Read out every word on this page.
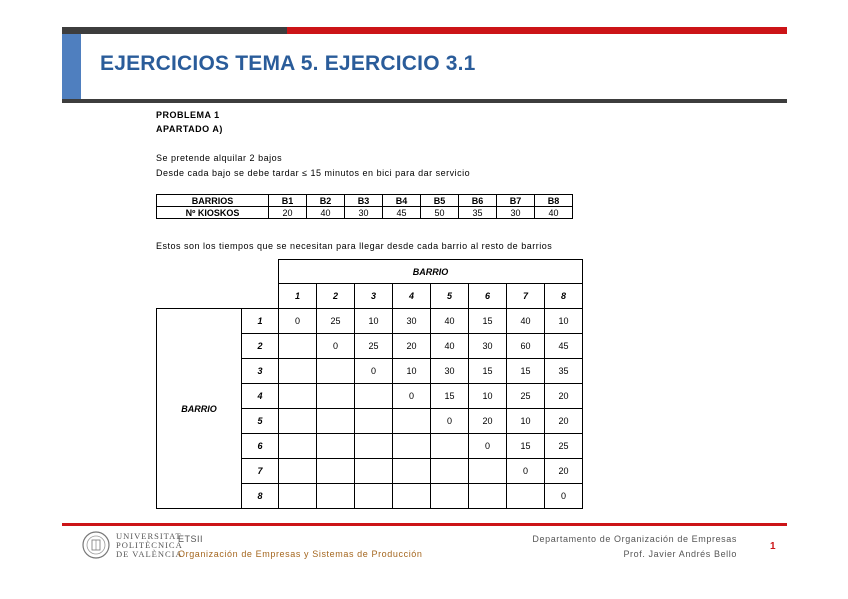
EJERCICIOS TEMA 5. EJERCICIO 3.1
PROBLEMA 1
APARTADO A)
Se pretende alquilar 2 bajos
Desde cada bajo se debe tardar ≤ 15 minutos en bici para dar servicio
BARRIOS	B1	B2	B3	B4	B5	B6	B7	B8
Nº KIOSKOS	20	40	30	45	50	35	30	40
Estos son los tiempos que se necesitan para llegar desde cada barrio al resto de barrios
		BARRIO							
		1	2	3	4	5	6	7	8
BARRIO	1	0	25	10	30	40	15	40	10
	2		0	25	20	40	30	60	45
	3			0	10	30	15	15	35
	4				0	15	10	25	20
	5					0	20	10	20
	6						0	15	25
	7							0	20
	8								0
UNIVERSITAT
POLITÈCNICA
DE VALÈNCIA
ETSII
Organización de Empresas y Sistemas de Producción
Departamento de Organización de Empresas
Prof. Javier Andrés Bello
1
